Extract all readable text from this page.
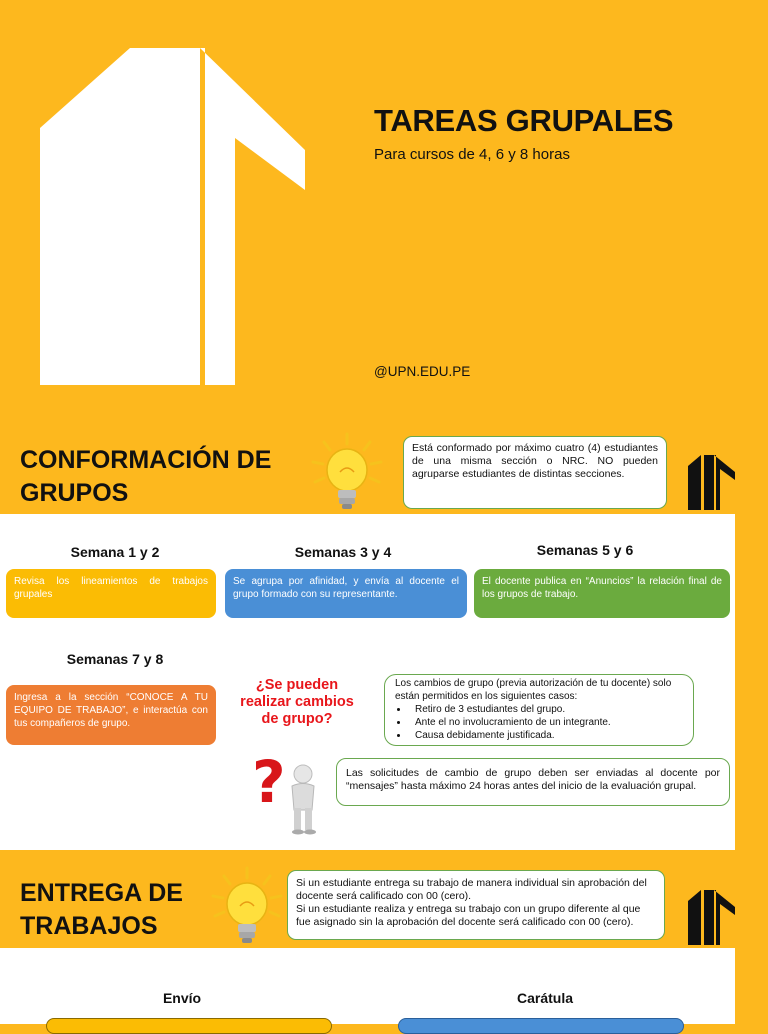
TAREAS GRUPALES
Para cursos de 4, 6 y 8 horas
@UPN.EDU.PE
CONFORMACIÓN DE
GRUPOS
Está conformado por máximo cuatro (4) estudiantes de una misma sección o NRC. NO pueden agruparse estudiantes de distintas secciones.
Semana 1 y 2	Semanas 3 y 4	Semanas 5 y 6
Revisa los lineamientos de trabajos grupales
Se agrupa por afinidad, y envía al docente el grupo formado con su representante.
El docente publica en “Anuncios” la relación final de los grupos de trabajo.
Semanas 7 y 8
Ingresa a la sección “CONOCE A TU EQUIPO DE TRABAJO”, e interactúa con tus compañeros de grupo.
¿Se pueden
realizar cambios
de grupo?
Los cambios de grupo (previa autorización de tu docente) solo están permitidos en los siguientes casos:
• Retiro de 3 estudiantes del grupo.
• Ante el no involucramiento de un integrante.
• Causa debidamente justificada.
?	Las solicitudes de cambio de grupo deben ser enviadas al docente por “mensajes” hasta máximo 24 horas antes del inicio de la evaluación grupal.
ENTREGA DE
TRABAJOS
Si un estudiante entrega su trabajo de manera individual sin aprobación del docente será calificado con 00 (cero).
Si un estudiante realiza y entrega su trabajo con un grupo diferente al que fue asignado sin la aprobación del docente será calificado con 00 (cero).
Envío	Carátula
